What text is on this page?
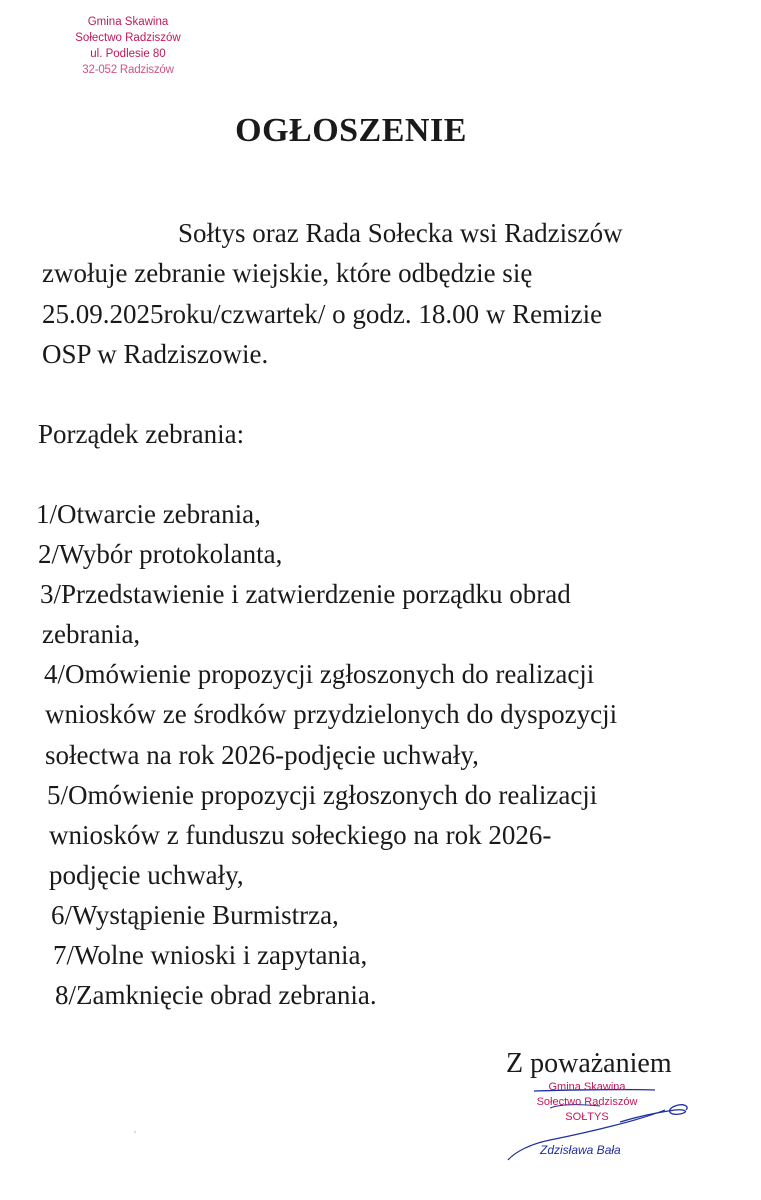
Gmina Skawina
Sołectwo Radziszów
ul. Podlesie 80
32-052 Radziszów
OGŁOSZENIE
Sołtys oraz Rada Sołecka wsi Radziszów
zwołuje zebranie wiejskie, które odbędzie się
25.09.2025roku/czwartek/ o godz. 18.00 w Remizie
OSP w Radziszowie.
Porządek zebrania:
1/Otwarcie zebrania,
2/Wybór protokolanta,
3/Przedstawienie i zatwierdzenie porządku obrad
zebrania,
4/Omówienie propozycji zgłoszonych do realizacji
wniosków ze środków przydzielonych do dyspozycji
sołectwa na rok 2026-podjęcie uchwały,
5/Omówienie propozycji zgłoszonych do realizacji
wniosków z funduszu sołeckiego na rok 2026-
podjęcie uchwały,
6/Wystąpienie Burmistrza,
7/Wolne wnioski i zapytania,
8/Zamknięcie obrad zebrania.
Z poważaniem
Gmina Skawina
Sołectwo Radziszów
SOŁTYS
Zdzisława Bała
